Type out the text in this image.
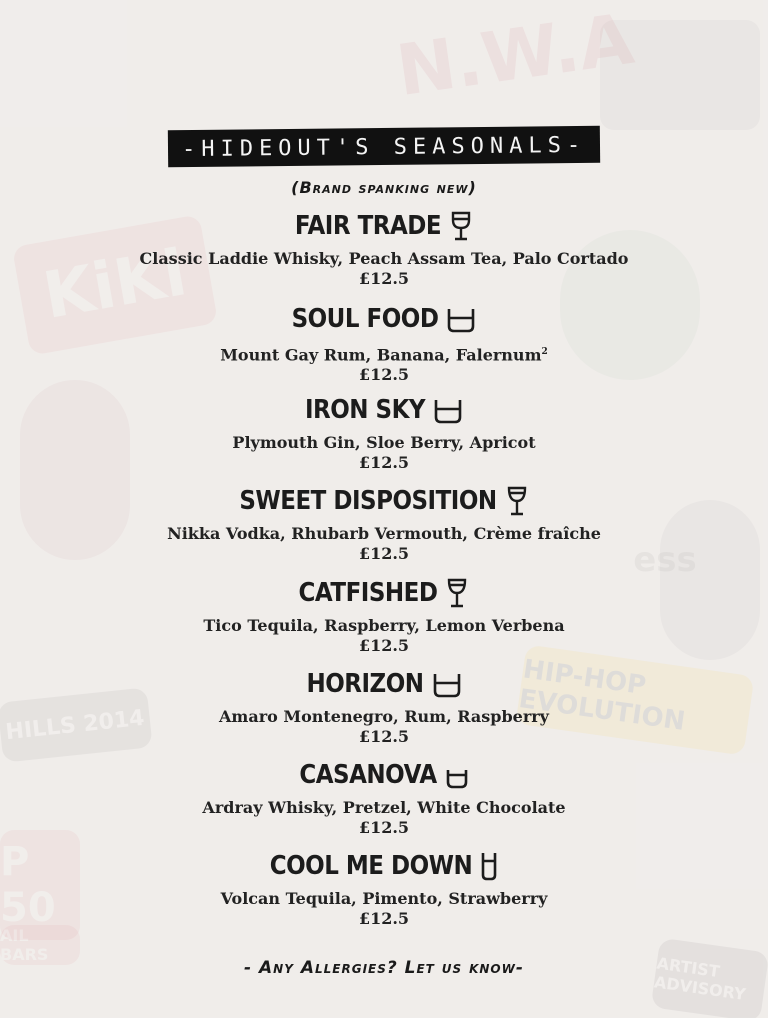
-HIDEOUT'S SEASONALS-
(Brand spanking new)
FAIR TRADE
Classic Laddie Whisky, Peach Assam Tea, Palo Cortado
£12.5
SOUL FOOD
Mount Gay Rum, Banana, Falernum$^2$
£12.5
IRON SKY
Plymouth Gin, Sloe Berry, Apricot
£12.5
SWEET DISPOSITION
Nikka Vodka, Rhubarb Vermouth, Crème fraîche
£12.5
CATFISHED
Tico Tequila, Raspberry, Lemon Verbena
£12.5
HORIZON
Amaro Montenegro, Rum, Raspberry
£12.5
CASANOVA
Ardray Whisky, Pretzel, White Chocolate
£12.5
COOL ME DOWN
Volcan Tequila, Pimento, Strawberry
£12.5
- Any Allergies? Let us know-
